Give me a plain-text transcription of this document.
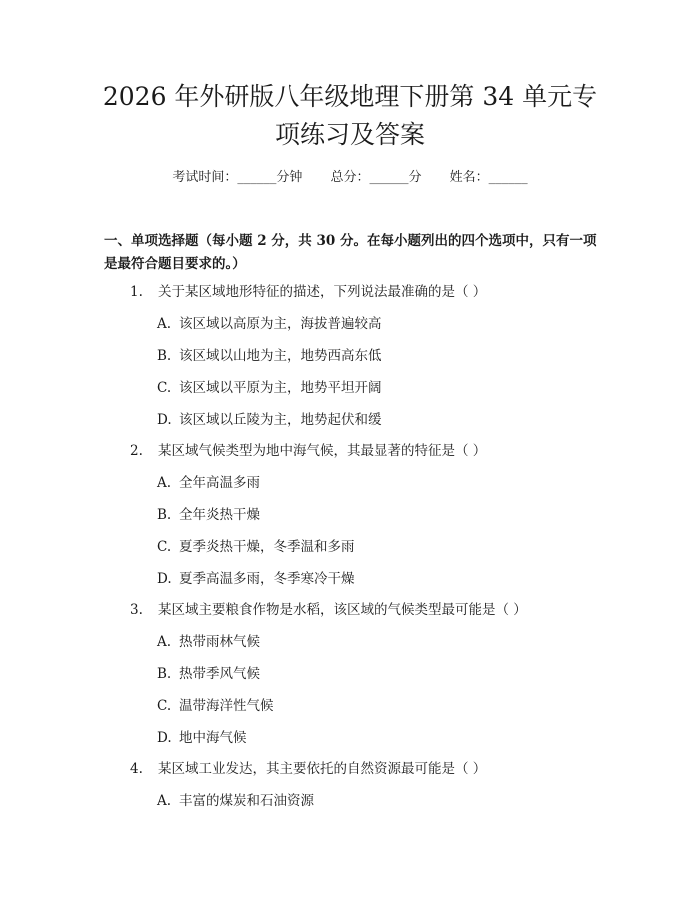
2026 年外研版八年级地理下册第 34 单元专
项练习及答案
考试时间：______分钟 总分：______分 姓名：______

一、单项选择题（每小题 2 分，共 30 分。在每小题列出的四个选项中，只有一项是最符合题目要求的。）

1. 关于某区域地形特征的描述，下列说法最准确的是（ ）
A. 该区域以高原为主，海拔普遍较高
B. 该区域以山地为主，地势西高东低
C. 该区域以平原为主，地势平坦开阔
D. 该区域以丘陵为主，地势起伏和缓
2. 某区域气候类型为地中海气候，其最显著的特征是（ ）
A. 全年高温多雨
B. 全年炎热干燥
C. 夏季炎热干燥，冬季温和多雨
D. 夏季高温多雨，冬季寒冷干燥
3. 某区域主要粮食作物是水稻，该区域的气候类型最可能是（ ）
A. 热带雨林气候
B. 热带季风气候
C. 温带海洋性气候
D. 地中海气候
4. 某区域工业发达，其主要依托的自然资源最可能是（ ）
A. 丰富的煤炭和石油资源
